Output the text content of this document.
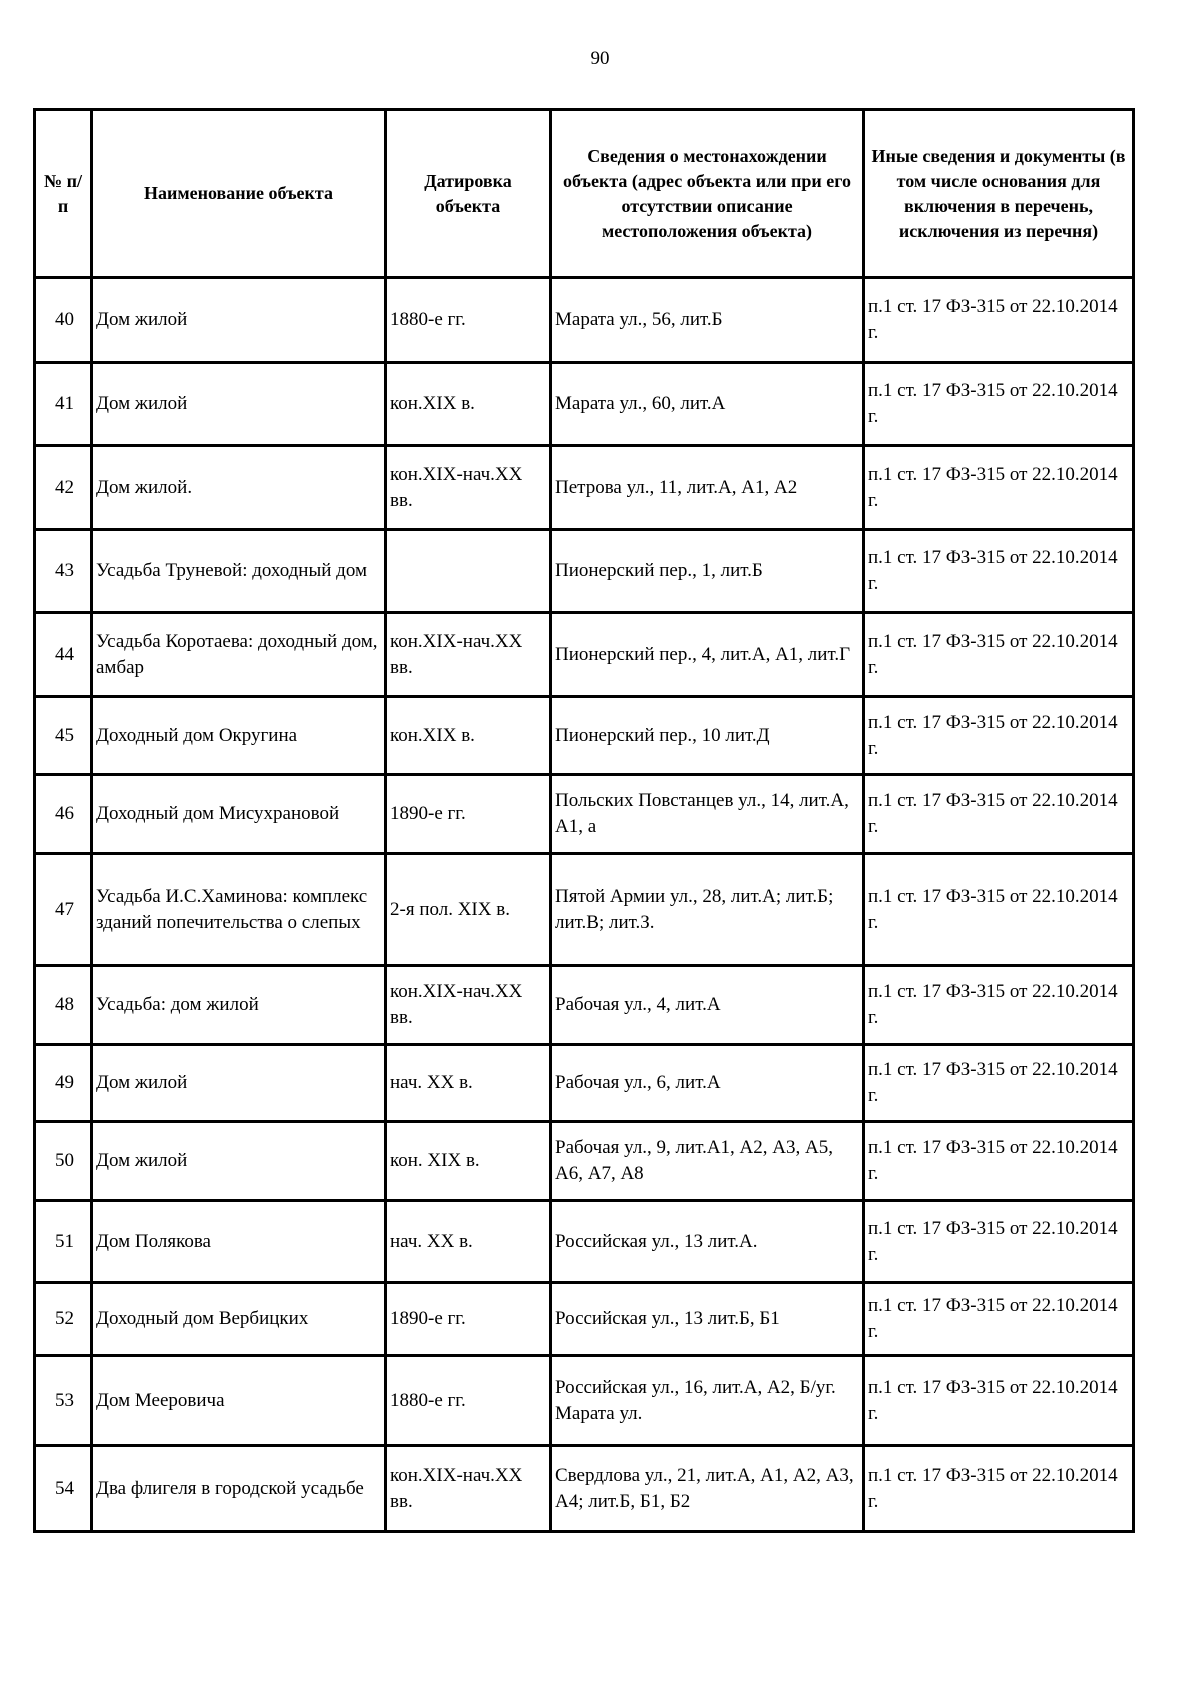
90
№ п/п	Наименование объекта	Датировка объекта	Сведения о местонахождении объекта (адрес объекта или при его отсутствии описание местоположения объекта)	Иные сведения и документы (в том числе основания для включения в перечень, исключения из перечня)
40	Дом жилой	1880-е гг.	Марата ул., 56, лит.Б	п.1 ст. 17 ФЗ-315 от 22.10.2014 г.
41	Дом жилой	кон.XIX в.	Марата ул., 60, лит.А	п.1 ст. 17 ФЗ-315 от 22.10.2014 г.
42	Дом жилой.	кон.XIX-нач.XX вв.	Петрова ул., 11, лит.А, А1, А2	п.1 ст. 17 ФЗ-315 от 22.10.2014 г.
43	Усадьба Труневой: доходный дом		Пионерский пер., 1, лит.Б	п.1 ст. 17 ФЗ-315 от 22.10.2014 г.
44	Усадьба Коротаева: доходный дом, амбар	кон.XIX-нач.XX вв.	Пионерский пер., 4, лит.А, А1, лит.Г	п.1 ст. 17 ФЗ-315 от 22.10.2014 г.
45	Доходный дом Округина	кон.XIX в.	Пионерский пер., 10 лит.Д	п.1 ст. 17 ФЗ-315 от 22.10.2014 г.
46	Доходный дом Мисухрановой	1890-е гг.	Польских Повстанцев ул., 14, лит.А, А1, а	п.1 ст. 17 ФЗ-315 от 22.10.2014 г.
47	Усадьба И.С.Хаминова: комплекс зданий попечительства о слепых	2-я пол. XIX в.	Пятой Армии ул., 28, лит.А; лит.Б; лит.В; лит.З.	п.1 ст. 17 ФЗ-315 от 22.10.2014 г.
48	Усадьба: дом жилой	кон.XIX-нач.XX вв.	Рабочая ул., 4, лит.А	п.1 ст. 17 ФЗ-315 от 22.10.2014 г.
49	Дом жилой	нач. XX в.	Рабочая ул., 6, лит.А	п.1 ст. 17 ФЗ-315 от 22.10.2014 г.
50	Дом жилой	кон. XIX в.	Рабочая ул., 9, лит.А1, А2, А3, А5, А6, А7, А8	п.1 ст. 17 ФЗ-315 от 22.10.2014 г.
51	Дом Полякова	нач. XX в.	Российская ул., 13 лит.А.	п.1 ст. 17 ФЗ-315 от 22.10.2014 г.
52	Доходный дом Вербицких	1890-е гг.	Российская ул., 13 лит.Б, Б1	п.1 ст. 17 ФЗ-315 от 22.10.2014 г.
53	Дом Мееровича	1880-е гг.	Российская ул., 16, лит.А, А2, Б/уг. Марата ул.	п.1 ст. 17 ФЗ-315 от 22.10.2014 г.
54	Два флигеля в городской усадьбе	кон.XIX-нач.XX вв.	Свердлова ул., 21, лит.А, А1, А2, А3, А4; лит.Б, Б1, Б2	п.1 ст. 17 ФЗ-315 от 22.10.2014 г.
